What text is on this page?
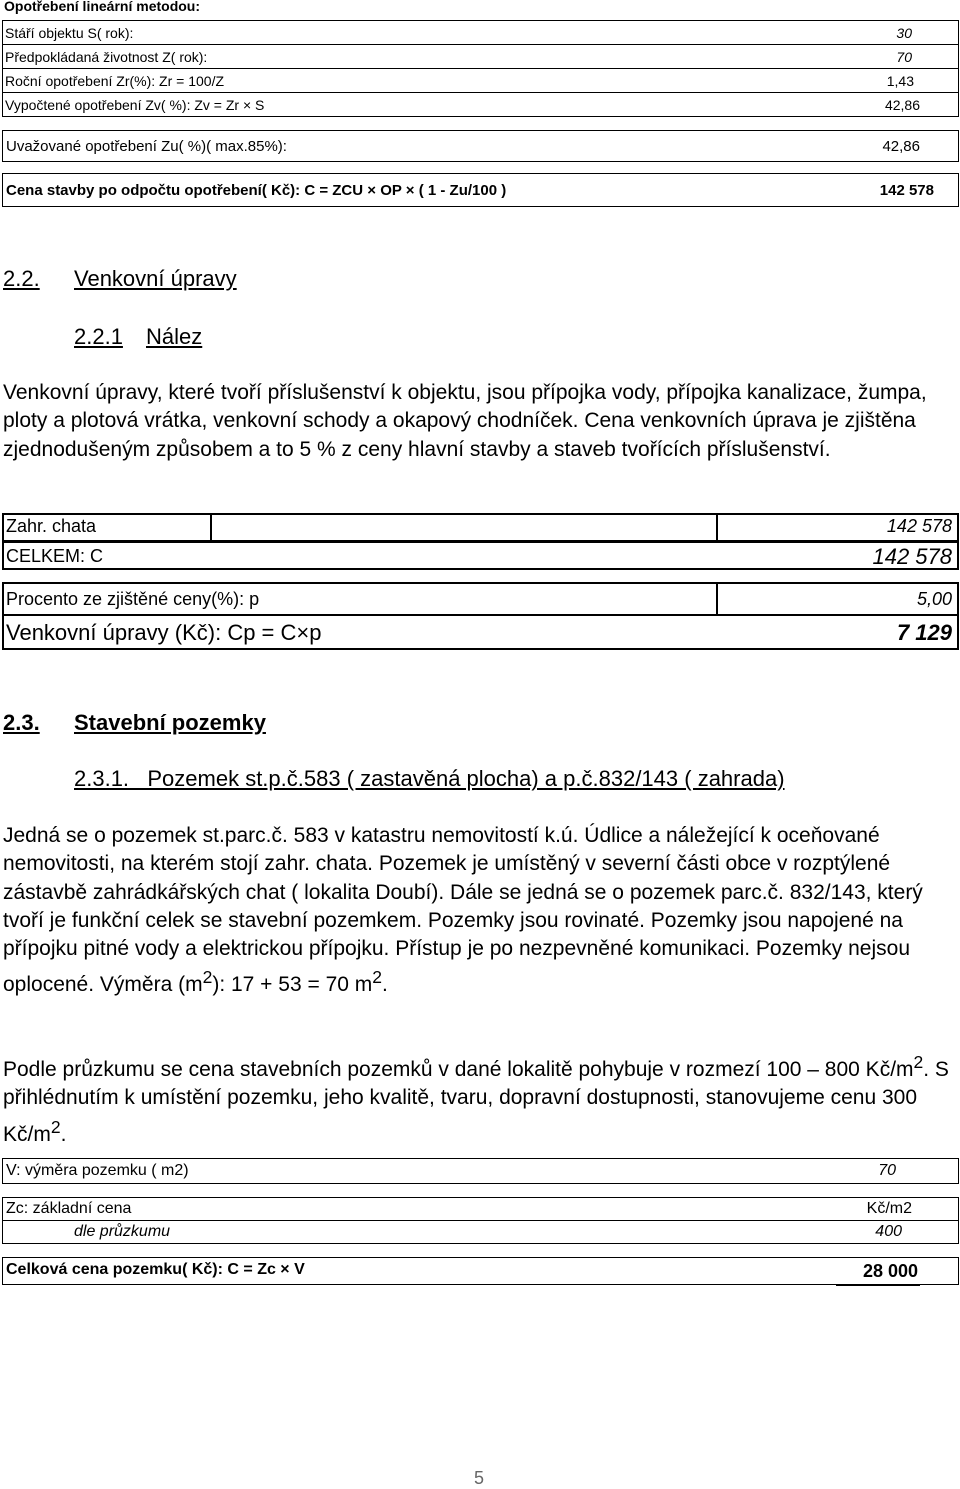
Opotřebení lineární metodou:
Stáří objektu S( rok):	30
Předpokládaná životnost Z( rok):	70
Roční opotřebení Zr(%): Zr = 100/Z	1,43
Vypočtené opotřebení Zv( %): Zv = Zr × S	42,86
Uvažované opotřebení Zu( %)( max.85%):	42,86
Cena stavby po odpočtu opotřebení( Kč): C = ZCU × OP × ( 1 - Zu/100 )	142 578
2.2. Venkovní úpravy
2.2.1 Nález
Venkovní úpravy, které tvoří příslušenství k objektu, jsou přípojka vody, přípojka kanalizace, žumpa, ploty a plotová vrátka, venkovní schody a okapový chodníček. Cena venkovních úprava je zjištěna zjednodušeným způsobem a to 5 % z ceny hlavní stavby a staveb tvořících příslušenství.
Zahr. chata	142 578
CELKEM: C	142 578
Procento ze zjištěné ceny(%): p	5,00
Venkovní úpravy (Kč): Cp = C×p	7 129
2.3. Stavební pozemky
2.3.1.   Pozemek st.p.č.583 ( zastavěná plocha) a p.č.832/143 ( zahrada)
Jedná se o pozemek st.parc.č. 583 v katastru nemovitostí k.ú. Údlice a náležející k oceňované nemovitosti, na kterém stojí zahr. chata. Pozemek je umístěný v severní části obce v rozptýlené zástavbě zahrádkářských chat ( lokalita Doubí). Dále se jedná se o pozemek parc.č. 832/143, který tvoří je funkční celek se stavební pozemkem. Pozemky jsou rovinaté. Pozemky jsou napojené na přípojku pitné vody a elektrickou přípojku. Přístup je po nezpevněné komunikaci. Pozemky nejsou oplocené. Výměra $(m^2)$: 17 + 53 = 70 $m^2$.
Podle průzkumu se cena stavebních pozemků v dané lokalitě pohybuje v rozmezí 100 – 800 $Kč/m^2$. S přihlédnutím k umístění pozemku, jeho kvalitě, tvaru, dopravní dostupnosti, stanovujeme cenu 300 $Kč/m^2$.
V: výměra pozemku ( m2)	70
Zc: základní cena	Kč/m2
dle průzkumu	400
Celková cena pozemku( Kč): C = Zc × V	28 000
5
